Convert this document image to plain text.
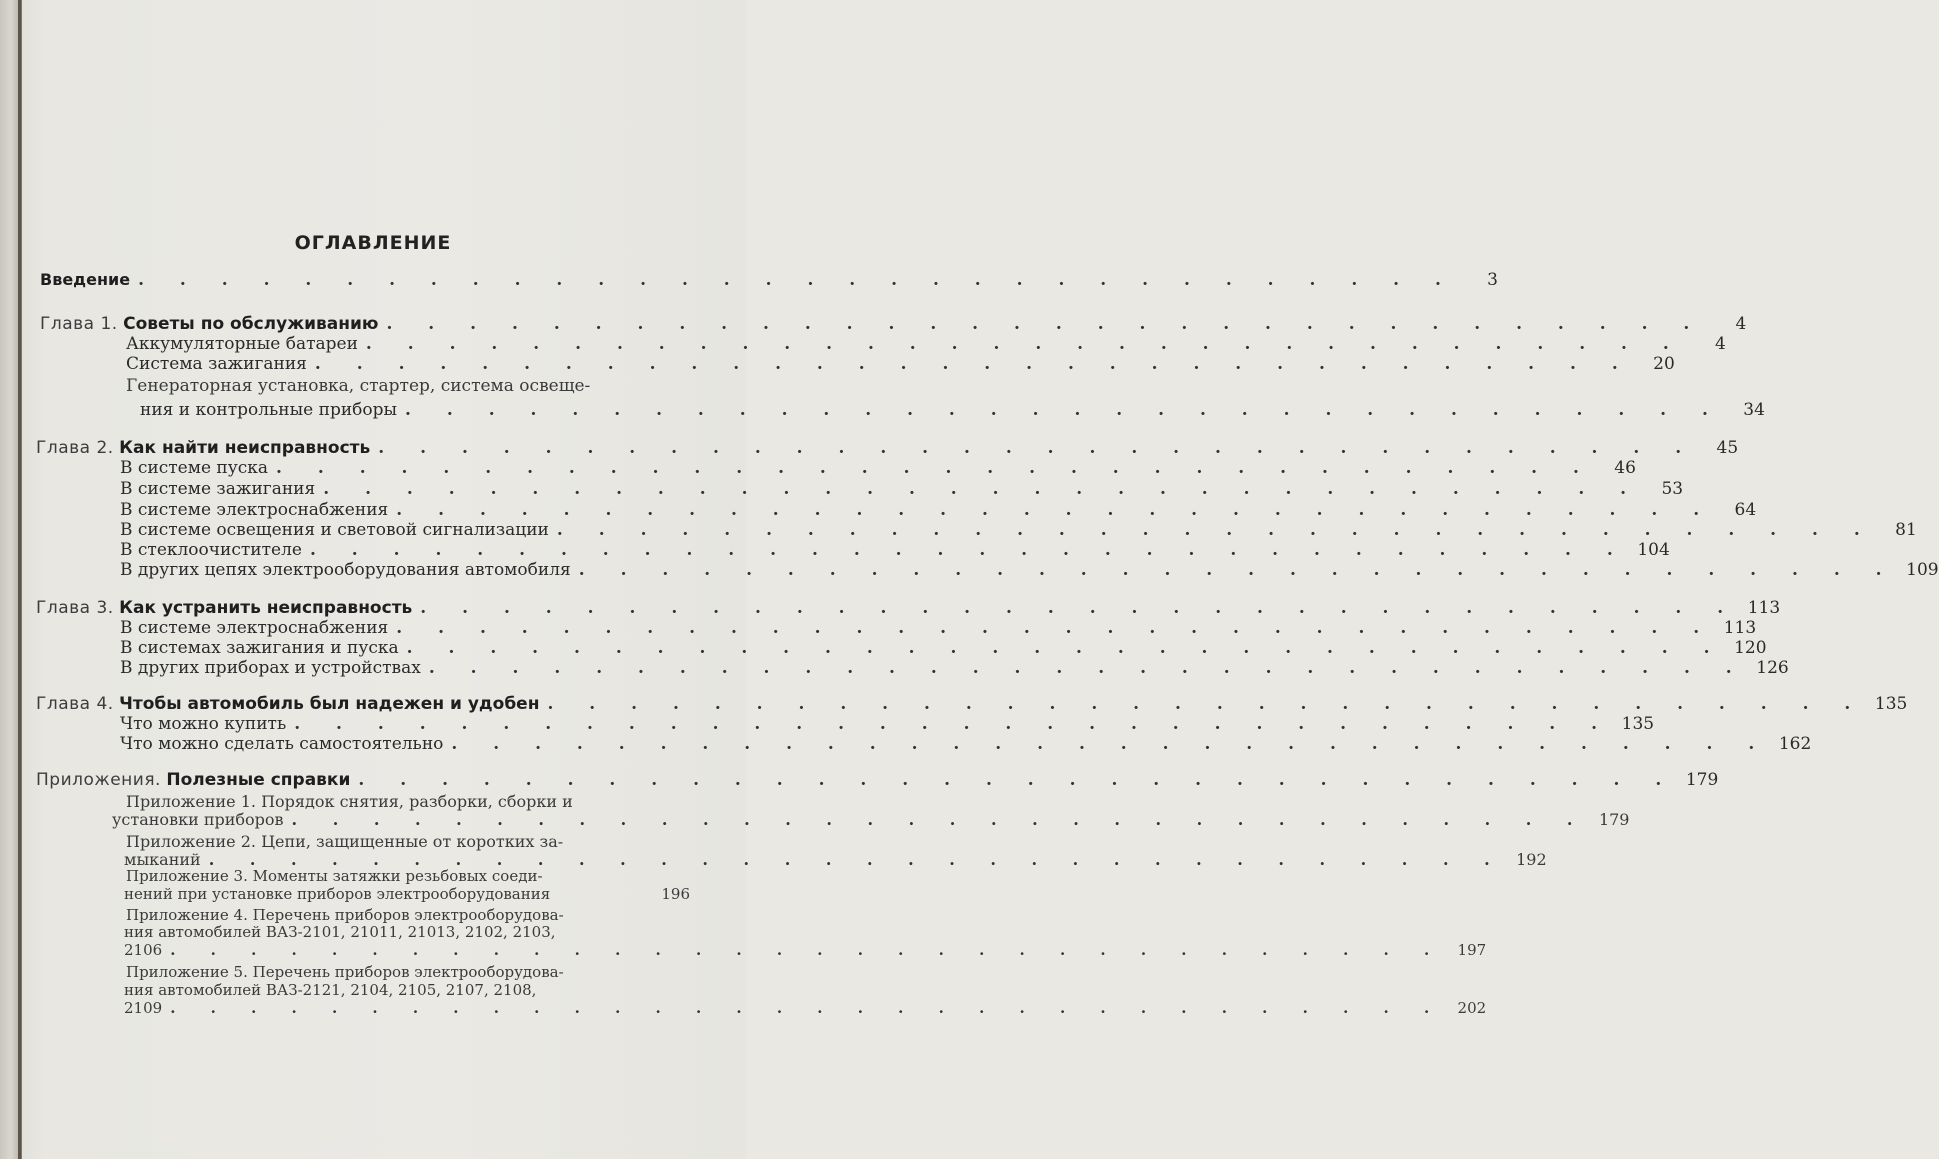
ОГЛАВЛЕНИЕ
Введение . . . . . . . . . . . . . . . . . . . . . . . . . . . . . . . .	3
Глава 1.
Советы по обслуживанию . . . . . . . . . . . . . . . . . . . . . . . . . . . . . . . .	4
Аккумуляторные батареи . . . . . . . . . . . . . . . . . . . . . . . . . . . . . . . .	4
Система зажигания . . . . . . . . . . . . . . . . . . . . . . . . . . . . . . . .	20
Генераторная установка, стартер, система освеще-
ния и контрольные приборы . . . . . . . . . . . . . . . . . . . . . . . . . . . . . . . .	34
Глава 2.
Как найти неисправность . . . . . . . . . . . . . . . . . . . . . . . . . . . . . . . .	45
В системе пуска . . . . . . . . . . . . . . . . . . . . . . . . . . . . . . . .	46
В системе зажигания . . . . . . . . . . . . . . . . . . . . . . . . . . . . . . . .	53
В системе электроснабжения . . . . . . . . . . . . . . . . . . . . . . . . . . . . . . . .	64
В системе освещения и световой сигнализации . . . . . . . . . . . . . . . . . . . . . . . . . . . . . . . .	81
В стеклоочистителе . . . . . . . . . . . . . . . . . . . . . . . . . . . . . . . . 104
В других цепях электрооборудования автомобиля . . . . . . . . . . . . . . . . . . . . . . . . . . . . . . . . 109
Глава 3.
Как устранить неисправность . . . . . . . . . . . . . . . . . . . . . . . . . . . . . . . . 113
В системе электроснабжения . . . . . . . . . . . . . . . . . . . . . . . . . . . . . . . . 113
В системах зажигания и пуска . . . . . . . . . . . . . . . . . . . . . . . . . . . . . . . . 120
В других приборах и устройствах . . . . . . . . . . . . . . . . . . . . . . . . . . . . . . . . 126
Глава 4.
Чтобы автомобиль был надежен и удобен . . . . . . . . . . . . . . . . . . . . . . . . . . . . . . . . 135
Что можно купить . . . . . . . . . . . . . . . . . . . . . . . . . . . . . . . . 135
Что можно сделать самостоятельно . . . . . . . . . . . . . . . . . . . . . . . . . . . . . . . . 162
Приложения.
Полезные справки . . . . . . . . . . . . . . . . . . . . . . . . . . . . . . . . 179
Приложение 1. Порядок снятия, разборки, сборки и
установки приборов . . . . . . . . . . . . . . . . . . . . . . . . . . . . . . . . 179
Приложение 2. Цепи, защищенные от коротких за-
мыканий . . . . . . . . . . . . . . . . . . . . . . . . . . . . . . . . 192
Приложение 3. Моменты затяжки резьбовых соеди-
нений при установке приборов электрооборудования	196
Приложение 4. Перечень приборов электрооборудова-
ния автомобилей ВАЗ-2101, 21011, 21013, 2102, 2103,
2106 . . . . . . . . . . . . . . . . . . . . . . . . . . . . . . . . 197
Приложение 5. Перечень приборов электрооборудова-
ния автомобилей ВАЗ-2121, 2104, 2105, 2107, 2108,
2109 . . . . . . . . . . . . . . . . . . . . . . . . . . . . . . . . 202
